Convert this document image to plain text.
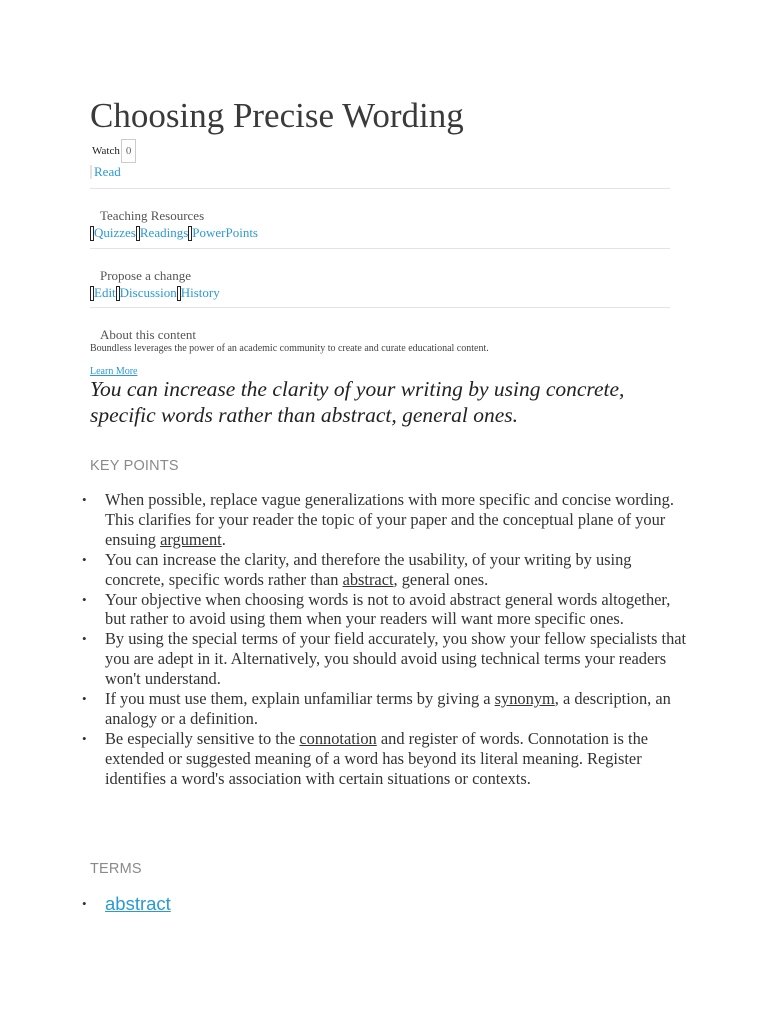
Choosing Precise Wording
Watch 0
Read
Teaching Resources
Quizzes Readings PowerPoints
Propose a change
Edit Discussion History
About this content
Boundless leverages the power of an academic community to create and curate educational content.
Learn More

You can increase the clarity of your writing by using concrete, specific words rather than abstract, general ones.

KEY POINTS
• When possible, replace vague generalizations with more specific and concise wording. This clarifies for your reader the topic of your paper and the conceptual plane of your ensuing argument.
• You can increase the clarity, and therefore the usability, of your writing by using concrete, specific words rather than abstract, general ones.
• Your objective when choosing words is not to avoid abstract general words altogether, but rather to avoid using them when your readers will want more specific ones.
• By using the special terms of your field accurately, you show your fellow specialists that you are adept in it. Alternatively, you should avoid using technical terms your readers won't understand.
• If you must use them, explain unfamiliar terms by giving a synonym, a description, an analogy or a definition.
• Be especially sensitive to the connotation and register of words. Connotation is the extended or suggested meaning of a word has beyond its literal meaning. Register identifies a word's association with certain situations or contexts.
TERMS
• abstract
